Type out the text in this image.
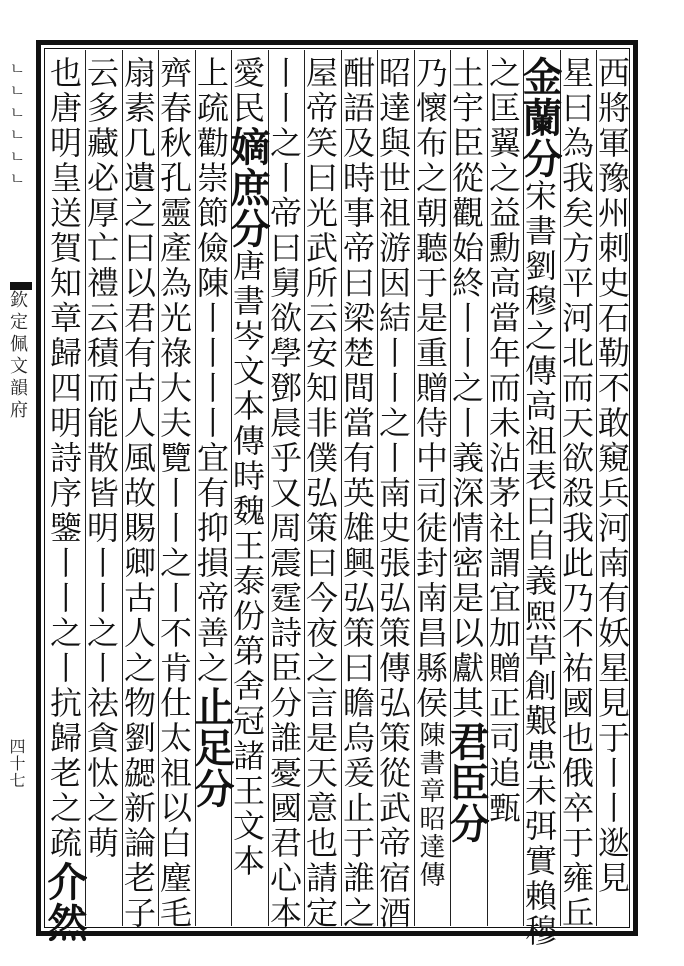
ㄴㄴㄴㄴㄴㄴ
欽定佩文韻府
四十七	西將軍豫州刺史石勒不敢窺兵河南有妖星見于丨丨逖見
星曰為我矣方平河北而天欲殺我此乃不祐國也俄卒于雍丘
金蘭分宋書劉穆之傳高祖表曰自義熙草創艱患未弭實賴穆
之匡翼之益勳高當年而未沾茅社謂宜加贈正司追甄
土宇臣從觀始終丨丨之丨義深情密是以獻其君臣分
乃懷布之朝聽于是重贈侍中司徒封南昌縣侯陳書章昭達傳
昭達與世祖游因結丨丨之丨南史張弘策傳弘策從武帝宿酒
酣語及時事帝曰梁楚間當有英雄興弘策曰瞻烏爰止于誰之
屋帝笑曰光武所云安知非僕弘策曰今夜之言是天意也請定
丨丨之丨帝曰舅欲學鄧晨乎又周震霆詩臣分誰憂國君心本
愛民嫡庶分唐書岑文本傳時魏王泰份第舍冠諸王文本
上疏勸崇節儉陳丨丨丨丨宜有抑損帝善之止足分
齊春秋孔靈產為光祿大夫覽丨丨之丨不肯仕太祖以白麈毛
扇素几遺之曰以君有古人風故賜卿古人之物劉勰新論老子
云多藏必厚亡禮云積而能散皆明丨丨之丨祛貪忲之萌
也唐明皇送賀知章歸四明詩序鑒丨丨之丨抗歸老之疏介然
